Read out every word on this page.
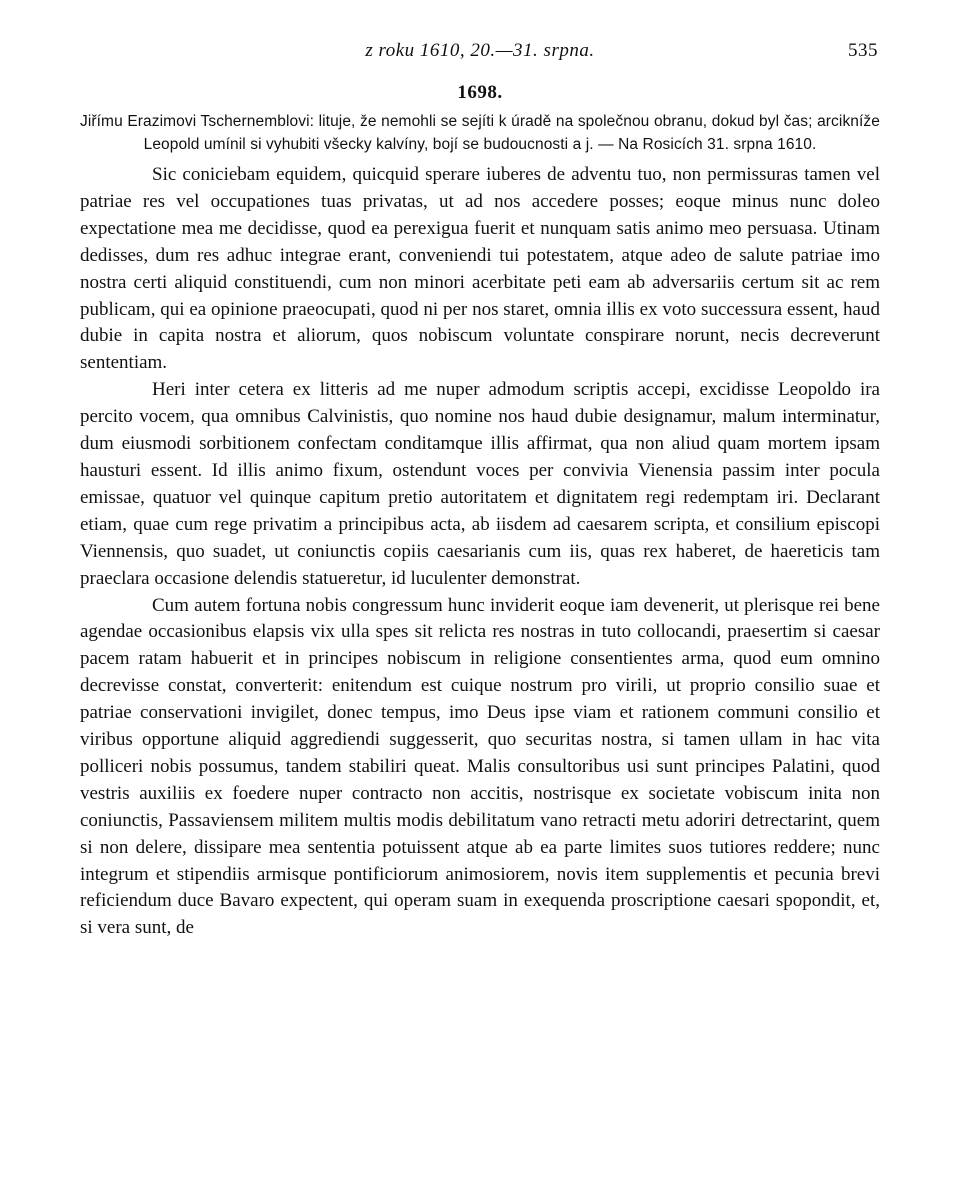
z roku 1610, 20.—31. srpna.	535
1698.

Jiřímu Erazimovi Tschernemblovi: lituje, že nemohli se sejíti k úradě na společnou obranu, dokud byl čas; arcikníže Leopold umínil si vyhubiti všecky kalvíny, bojí se budoucnosti a j. — Na Rosicích 31. srpna 1610.

Sic coniciebam equidem, quicquid sperare iuberes de adventu tuo, non permissuras tamen vel patriae res vel occupationes tuas privatas, ut ad nos accedere posses; eoque minus nunc doleo expectatione mea me decidisse, quod ea perexigua fuerit et nunquam satis animo meo persuasa. Utinam dedisses, dum res adhuc integrae erant, conveniendi tui potestatem, atque adeo de salute patriae imo nostra certi aliquid constituendi, cum non minori acerbitate peti eam ab adversariis certum sit ac rem publicam, qui ea opinione praeocupati, quod ni per nos staret, omnia illis ex voto successura essent, haud dubie in capita nostra et aliorum, quos nobiscum voluntate conspirare norunt, necis decreverunt sententiam.

Heri inter cetera ex litteris ad me nuper admodum scriptis accepi, excidisse Leopoldo ira percito vocem, qua omnibus Calvinistis, quo nomine nos haud dubie designamur, malum interminatur, dum eiusmodi sorbitionem confectam conditamque illis affirmat, qua non aliud quam mortem ipsam hausturi essent. Id illis animo fixum, ostendunt voces per convivia Vienensia passim inter pocula emissae, quatuor vel quinque capitum pretio autoritatem et dignitatem regi redemptam iri. Declarant etiam, quae cum rege privatim a principibus acta, ab iisdem ad caesarem scripta, et consilium episcopi Viennensis, quo suadet, ut coniunctis copiis caesarianis cum iis, quas rex haberet, de haereticis tam praeclara occasione delendis statueretur, id luculenter demonstrat.

Cum autem fortuna nobis congressum hunc inviderit eoque iam devenerit, ut plerisque rei bene agendae occasionibus elapsis vix ulla spes sit relicta res nostras in tuto collocandi, praesertim si caesar pacem ratam habuerit et in principes nobiscum in religione consentientes arma, quod eum omnino decrevisse constat, converterit: enitendum est cuique nostrum pro virili, ut proprio consilio suae et patriae conservationi invigilet, donec tempus, imo Deus ipse viam et rationem communi consilio et viribus opportune aliquid aggrediendi suggesserit, quo securitas nostra, si tamen ullam in hac vita polliceri nobis possumus, tandem stabiliri queat. Malis consultoribus usi sunt principes Palatini, quod vestris auxiliis ex foedere nuper contracto non accitis, nostrisque ex societate vobiscum inita non coniunctis, Passaviensem militem multis modis debilitatum vano retracti metu adoriri detrectarint, quem si non delere, dissipare mea sententia potuissent atque ab ea parte limites suos tutiores reddere; nunc integrum et stipendiis armisque pontificiorum animosiorem, novis item supplementis et pecunia brevi reficiendum duce Bavaro expectent, qui operam suam in exequenda proscriptione caesari spopondit, et, si vera sunt, de
